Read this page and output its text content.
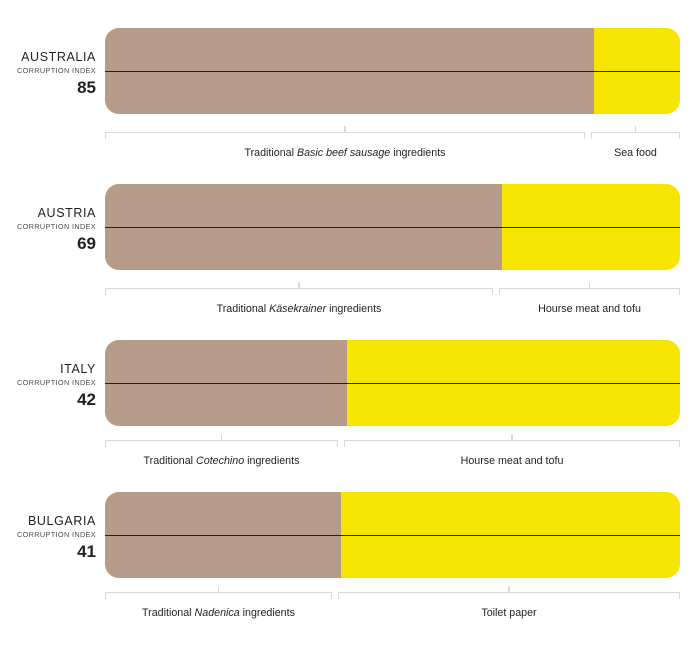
AUSTRALIA
CORRUPTION INDEX
85
AUSTRIA
CORRUPTION INDEX
69
ITALY
CORRUPTION INDEX
42
BULGARIA
CORRUPTION INDEX
41
Traditional Basic beef sausage ingredients	Sea food
Traditional Käsekrainer ingredients	Hourse meat and tofu
Traditional Cotechino ingredients	Hourse meat and tofu
Traditional Nadenica ingredients	Toilet paper
